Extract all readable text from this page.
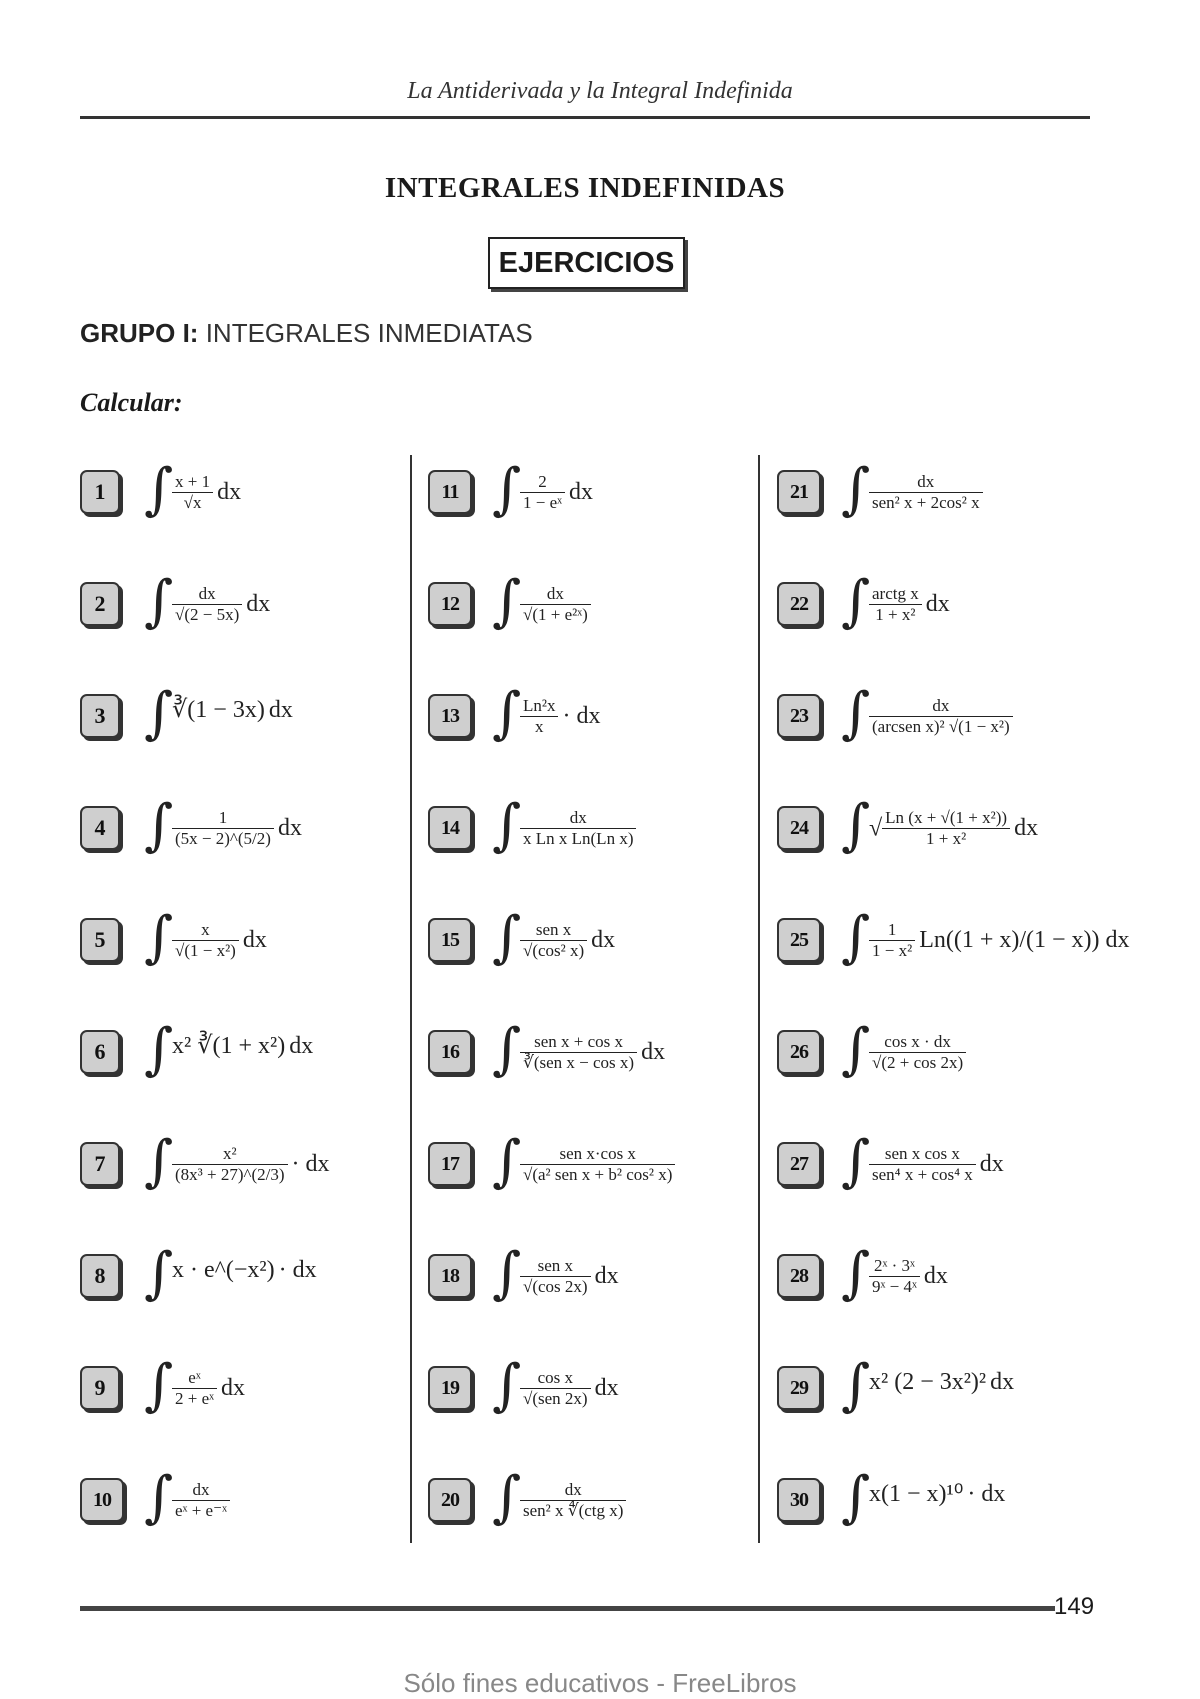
La Antiderivada y la Integral Indefinida
INTEGRALES INDEFINIDAS
EJERCICIOS
GRUPO I: INTEGRALES INMEDIATAS
Calcular:
1 ∫
$\frac{x + 1}{√x}$ dx
2 ∫
$\frac{dx}{√(2 - 5x)}$ dx
3 ∫
∛(1 − 3x) dx
4 ∫
$\frac{1}{(5x - 2)\^{}(5/2)}$ dx
5 ∫
$\frac{x}{\text{√(1 − x²)}}$ dx
6 ∫
x² ∛(1 + x²) dx
7 ∫
$\frac{\text{x²}}{\text{(8x³ + 27)\textasciicircum{}(2/3)}}$ · dx
8 ∫
x · e^(−x²) · dx
9 ∫
$\frac{\text{eˣ}}{\text{2 + eˣ}}$ dx
10 ∫
$\frac{dx}{\text{eˣ + e⁻ˣ}}$
11 ∫
$\frac{2}{\text{1 − eˣ}}$ dx
12 ∫
$\frac{dx}{\text{√(1 + e²ˣ)}}$
13 ∫
$\frac{\text{Ln²x}}{x}$ · dx
14 ∫
$\frac{dx}{\text{x Ln x Ln(Ln x)}}$
15 ∫
$\frac{\text{sen x}}{\text{√(cos² x)}}$ dx
16 ∫
$\frac{\text{sen x + cos x}}{\text{∛(sen x − cos x)}}$ dx
17 ∫
$\frac{\text{sen x·cos x}}{\text{√(a² sen x + b² cos² x)}}$
18 ∫
$\frac{\text{sen x}}{√(\cos 2x)}$ dx
19 ∫
$\frac{\text{cos x}}{\text{√(sen 2x)}}$ dx
20 ∫
$\frac{dx}{\text{sen² x ∜(ctg x)}}$
21 ∫
$\frac{dx}{\text{sen² x + 2cos² x}}$
22 ∫
$\frac{\text{arctg x}}{\text{1 + x²}}$ dx
23 ∫
$\frac{dx}{\text{(arcsen x)² √(1 − x²)}}$
24 ∫
√ $\frac{\text{Ln (x + √(1 + x²))}}{\text{1 + x²}}$ dx
25 ∫
$\frac{1}{\text{1 − x²}} Ln((1 + x)/(1 - x))$ dx
26 ∫
$\frac{\text{cos x · dx}}{√(2 + \cos 2x)}$
27 ∫
$\frac{\text{sen x cos x}}{\text{sen⁴ x + cos⁴ x}}$ dx
28 ∫
$\frac{\text{2ˣ · 3ˣ}}{\text{9ˣ − 4ˣ}}$ dx
29 ∫
x² (2 − 3x²)² dx
30 ∫
x(1 − x)¹⁰ · dx
149
Sólo fines educativos - FreeLibros
